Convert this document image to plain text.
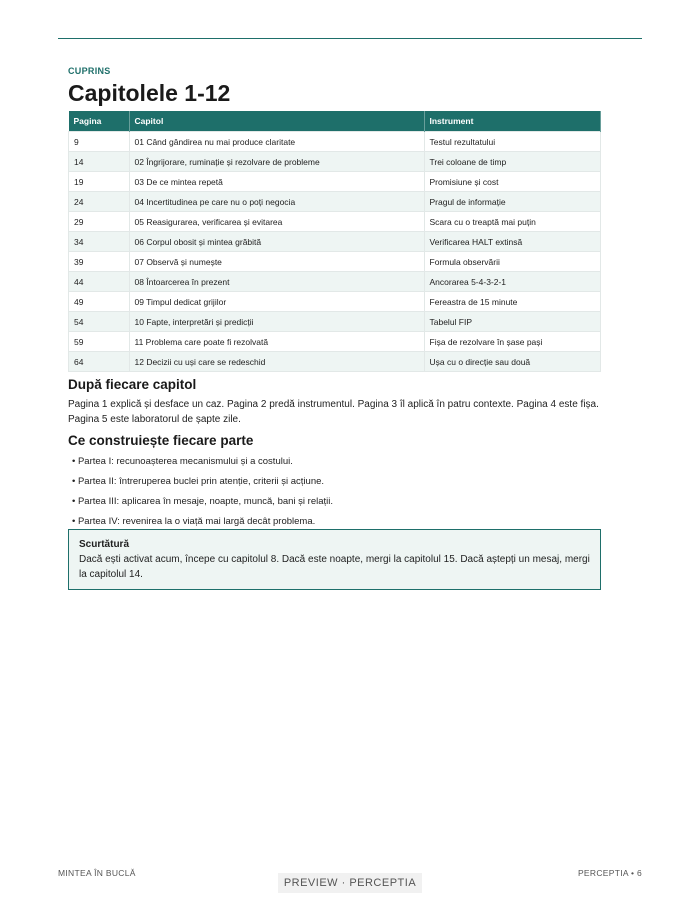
CUPRINS
Capitolele 1-12
Pagina	Capitol	Instrument
9	01 Când gândirea nu mai produce claritate	Testul rezultatului
14	02 Îngrijorare, ruminație și rezolvare de probleme	Trei coloane de timp
19	03 De ce mintea repetă	Promisiune și cost
24	04 Incertitudinea pe care nu o poți negocia	Pragul de informație
29	05 Reasigurarea, verificarea și evitarea	Scara cu o treaptă mai puțin
34	06 Corpul obosit și mintea grăbită	Verificarea HALT extinsă
39	07 Observă și numește	Formula observării
44	08 Întoarcerea în prezent	Ancorarea 5-4-3-2-1
49	09 Timpul dedicat grijilor	Fereastra de 15 minute
54	10 Fapte, interpretări și predicții	Tabelul FIP
59	11 Problema care poate fi rezolvată	Fișa de rezolvare în șase pași
64	12 Decizii cu uși care se redeschid	Ușa cu o direcție sau două
După fiecare capitol

Pagina 1 explică și desface un caz. Pagina 2 predă instrumentul. Pagina 3 îl aplică în patru contexte. Pagina 4 este fișa. Pagina 5 este laboratorul de șapte zile.

Ce construiește fiecare parte
• Partea I: recunoașterea mecanismului și a costului.
• Partea II: întreruperea buclei prin atenție, criterii și acțiune.
• Partea III: aplicarea în mesaje, noapte, muncă, bani și relații.
• Partea IV: revenirea la o viață mai largă decât problema.
Scurtătură
Dacă ești activat acum, începe cu capitolul 8. Dacă este noapte, mergi la capitolul 15. Dacă aștepți un mesaj, mergi la capitolul 14.
MINTEA ÎN BUCLĂ	PERCEPTIA • 6
PREVIEW · PERCEPTIA
